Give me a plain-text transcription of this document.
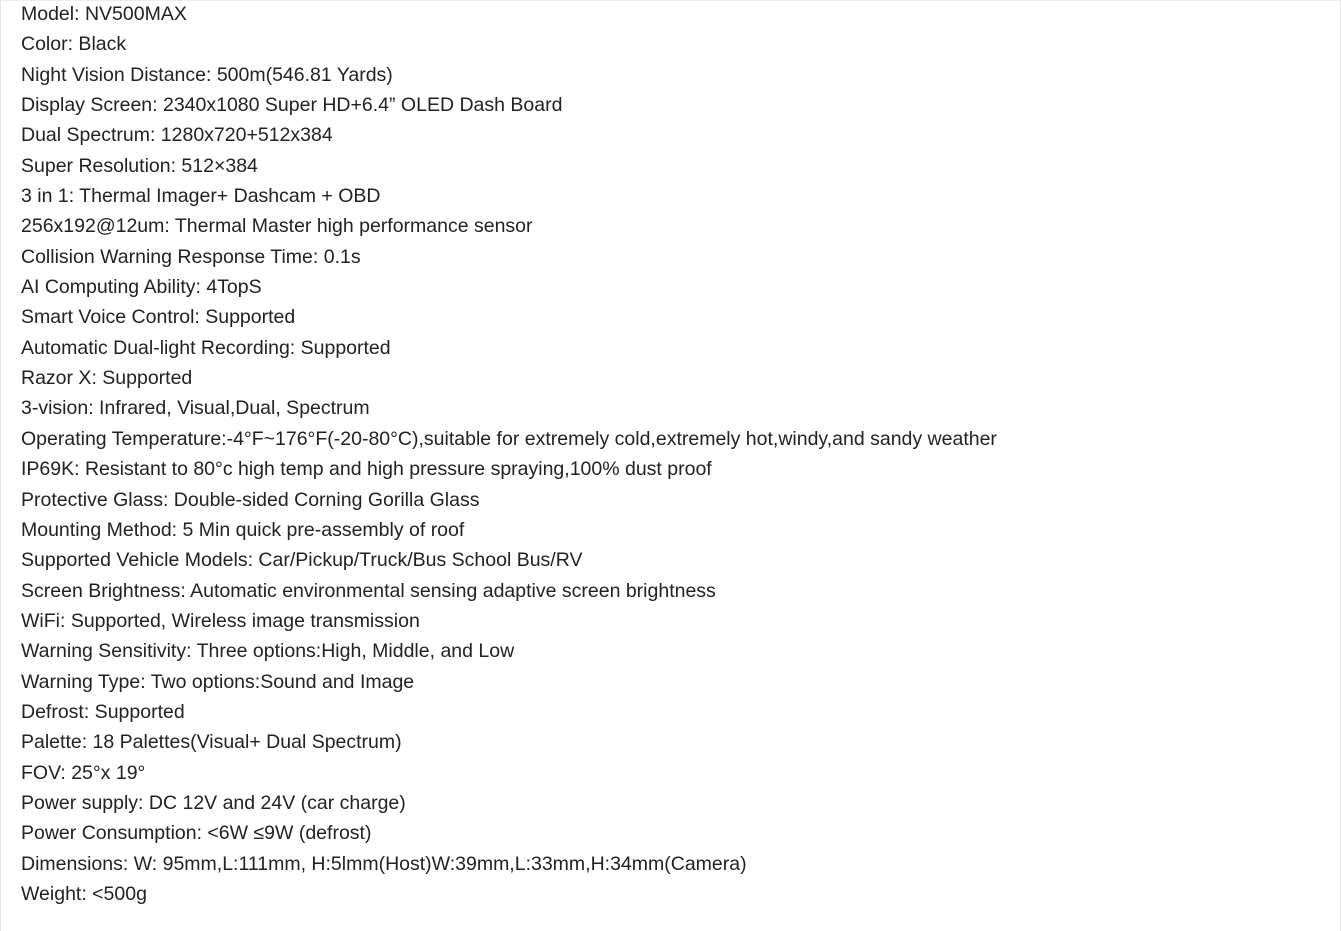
Model: NV500MAX
Color: Black
Night Vision Distance: 500m(546.81 Yards)
Display Screen: 2340x1080 Super HD+6.4” OLED Dash Board
Dual Spectrum: 1280x720+512x384
Super Resolution: 512×384
3 in 1: Thermal Imager+ Dashcam + OBD
256x192@12um: Thermal Master high performance sensor
Collision Warning Response Time: 0.1s
AI Computing Ability: 4TopS
Smart Voice Control: Supported
Automatic Dual-light Recording: Supported
Razor X: Supported
3-vision: Infrared, Visual,Dual, Spectrum
Operating Temperature:-4°F~176°F(-20-80°C),suitable for extremely cold,extremely hot,windy,and sandy weather
IP69K: Resistant to 80°c high temp and high pressure spraying,100% dust proof
Protective Glass: Double-sided Corning Gorilla Glass
Mounting Method: 5 Min quick pre-assembly of roof
Supported Vehicle Models: Car/Pickup/Truck/Bus School Bus/RV
Screen Brightness: Automatic environmental sensing adaptive screen brightness
WiFi: Supported, Wireless image transmission
Warning Sensitivity: Three options:High, Middle, and Low
Warning Type: Two options:Sound and Image
Defrost: Supported
Palette: 18 Palettes(Visual+ Dual Spectrum)
FOV: 25°x 19°
Power supply: DC 12V and 24V (car charge)
Power Consumption: <6W ≤9W (defrost)
Dimensions: W: 95mm,L:111mm, H:5lmm(Host)W:39mm,L:33mm,H:34mm(Camera)
Weight: <500g
